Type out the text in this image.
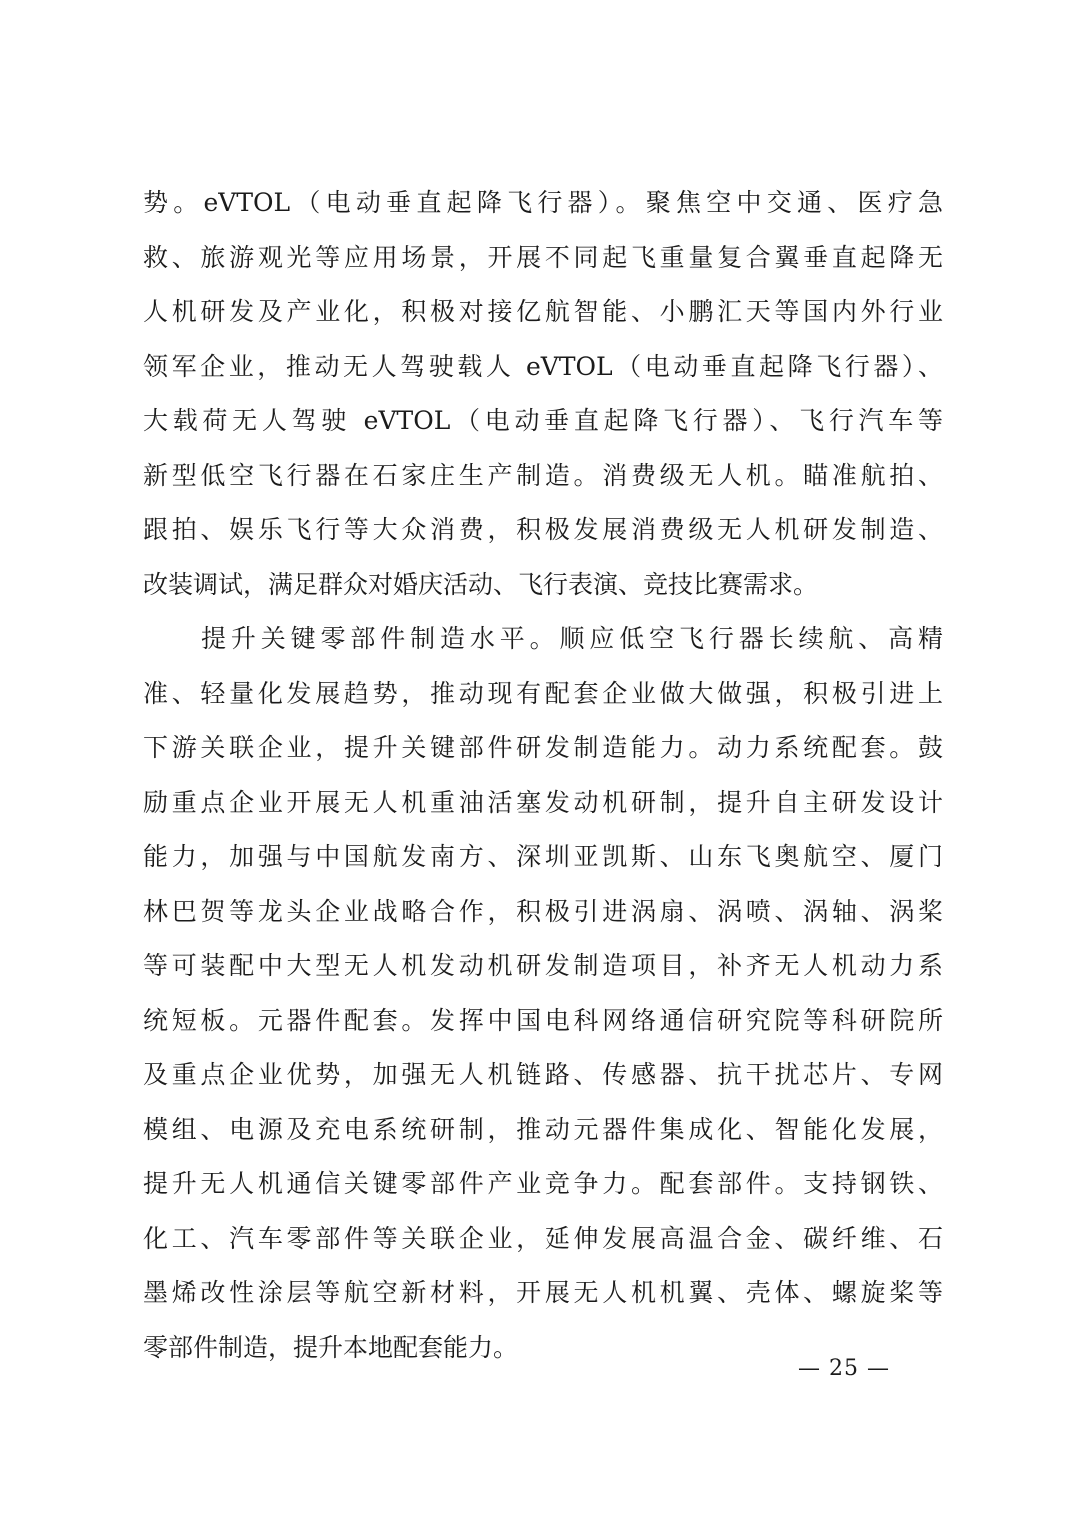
势。eVTOL（电动垂直起降飞行器）。聚焦空中交通、医疗急
救、旅游观光等应用场景，开展不同起飞重量复合翼垂直起降无
人机研发及产业化，积极对接亿航智能、小鹏汇天等国内外行业
领军企业，推动无人驾驶载人 eVTOL（电动垂直起降飞行器）、
大载荷无人驾驶 eVTOL（电动垂直起降飞行器）、飞行汽车等
新型低空飞行器在石家庄生产制造。消费级无人机。瞄准航拍、
跟拍、娱乐飞行等大众消费，积极发展消费级无人机研发制造、
改装调试，满足群众对婚庆活动、飞行表演、竞技比赛需求。
提升关键零部件制造水平。顺应低空飞行器长续航、高精
准、轻量化发展趋势，推动现有配套企业做大做强，积极引进上
下游关联企业，提升关键部件研发制造能力。动力系统配套。鼓
励重点企业开展无人机重油活塞发动机研制，提升自主研发设计
能力，加强与中国航发南方、深圳亚凯斯、山东飞奥航空、厦门
林巴贺等龙头企业战略合作，积极引进涡扇、涡喷、涡轴、涡桨
等可装配中大型无人机发动机研发制造项目，补齐无人机动力系
统短板。元器件配套。发挥中国电科网络通信研究院等科研院所
及重点企业优势，加强无人机链路、传感器、抗干扰芯片、专网
模组、电源及充电系统研制，推动元器件集成化、智能化发展，
提升无人机通信关键零部件产业竞争力。配套部件。支持钢铁、
化工、汽车零部件等关联企业，延伸发展高温合金、碳纤维、石
墨烯改性涂层等航空新材料，开展无人机机翼、壳体、螺旋桨等
零部件制造，提升本地配套能力。
— 25 —
